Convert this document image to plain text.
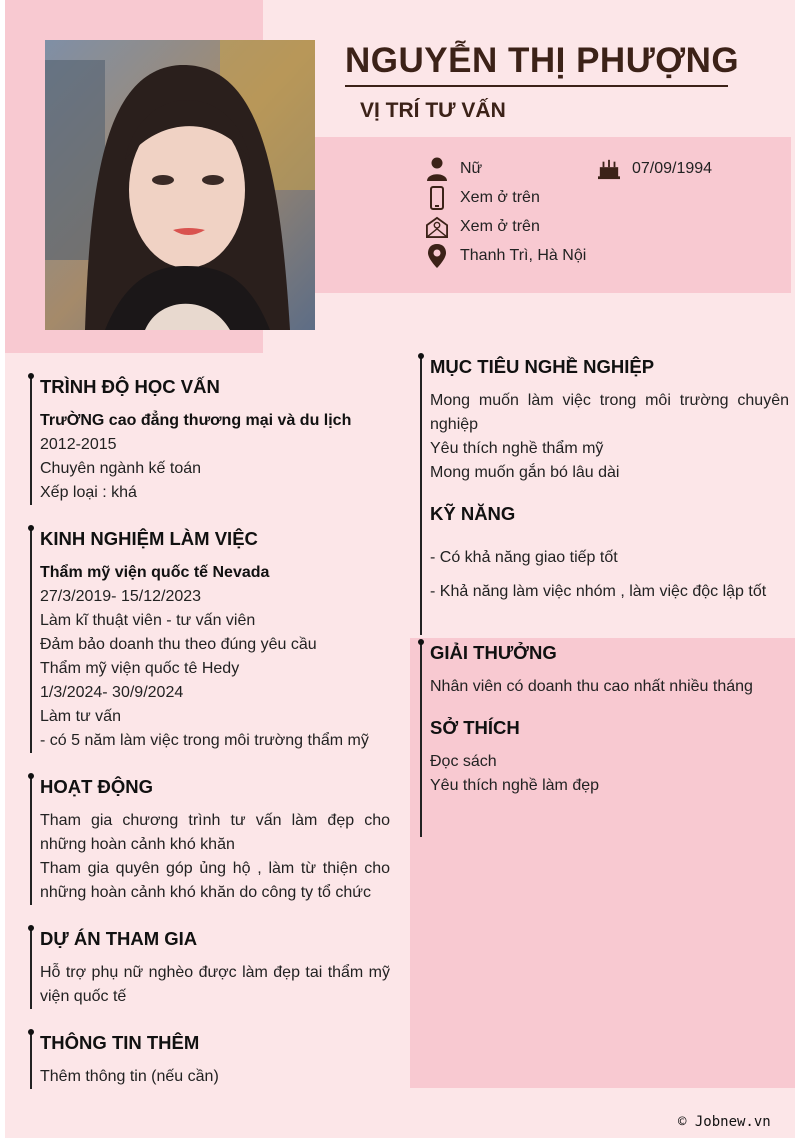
NGUYỄN THỊ PHƯỢNG
VỊ TRÍ TƯ VẤN
Nữ	07/09/1994
Xem ở trên
Xem ở trên
Thanh Trì, Hà Nội
TRÌNH ĐỘ HỌC VẤN
TrưỜNG cao đẳng thương mại và du lịch
2012-2015
Chuyên ngành kế toán
Xếp loại : khá
KINH NGHIỆM LÀM VIỆC
Thẩm mỹ viện quốc tế Nevada
27/3/2019- 15/12/2023
Làm kĩ thuật viên - tư vấn viên
Đảm bảo doanh thu theo đúng yêu cầu
Thẩm mỹ viện quốc tê Hedy
1/3/2024- 30/9/2024
Làm tư vấn
- có 5 năm làm việc trong môi trường thẩm mỹ
HOẠT ĐỘNG
Tham gia chương trình tư vấn làm đẹp cho những hoàn cảnh khó khăn
Tham gia quyên góp ủng hộ , làm từ thiện cho những hoàn cảnh khó khăn do công ty tổ chức
DỰ ÁN THAM GIA
Hỗ trợ phụ nữ nghèo được làm đẹp tai thẩm mỹ viện quốc tế
THÔNG TIN THÊM
Thêm thông tin (nếu cần)
MỤC TIÊU NGHỀ NGHIỆP
Mong muốn làm việc trong môi trường chuyên nghiệp
Yêu thích nghề thẩm mỹ
Mong muốn gắn bó lâu dài
KỸ NĂNG
- Có khả năng giao tiếp tốt
- Khả năng làm việc nhóm , làm việc độc lập tốt
GIẢI THƯỞNG
Nhân viên có doanh thu cao nhất nhiều tháng
SỞ THÍCH
Đọc sách
Yêu thích nghề làm đẹp
© Jobnew.vn
